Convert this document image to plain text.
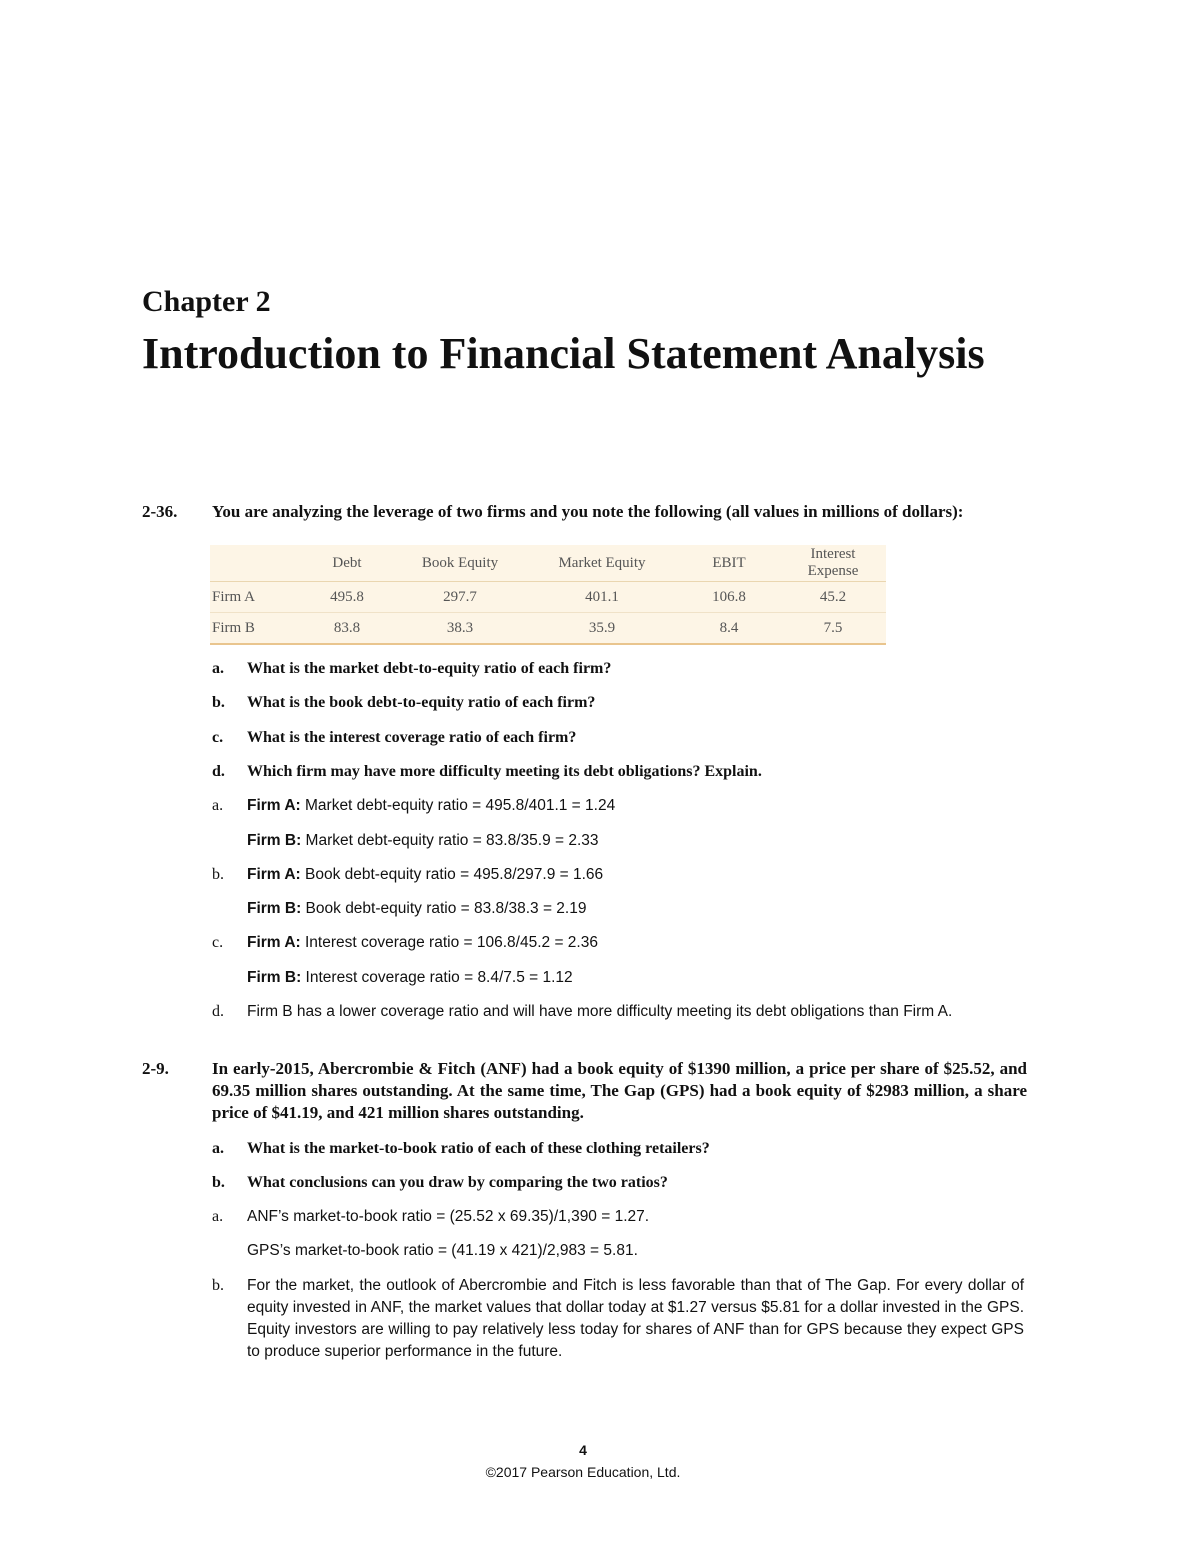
Chapter 2
Introduction to Financial Statement Analysis
2-36. You are analyzing the leverage of two firms and you note the following (all values in millions of dollars):
	Debt	Book Equity	Market Equity	EBIT	Interest Expense
Firm A	495.8	297.7	401.1	106.8	45.2
Firm B	83.8	38.3	35.9	8.4	7.5
a. What is the market debt-to-equity ratio of each firm?
b. What is the book debt-to-equity ratio of each firm?
c. What is the interest coverage ratio of each firm?
d. Which firm may have more difficulty meeting its debt obligations? Explain.
a. Firm A: Market debt-equity ratio = 495.8/401.1 = 1.24
Firm B: Market debt-equity ratio = 83.8/35.9 = 2.33
b. Firm A: Book debt-equity ratio = 495.8/297.9 = 1.66
Firm B: Book debt-equity ratio = 83.8/38.3 = 2.19
c. Firm A: Interest coverage ratio = 106.8/45.2 = 2.36
Firm B: Interest coverage ratio = 8.4/7.5 = 1.12
d. Firm B has a lower coverage ratio and will have more difficulty meeting its debt obligations than Firm A.
2-9.	In early-2015, Abercrombie & Fitch (ANF) had a book equity of $1390 million, a price per share of $25.52, and 69.35 million shares outstanding. At the same time, The Gap (GPS) had a book equity of $2983 million, a share price of $41.19, and 421 million shares outstanding.
a. What is the market-to-book ratio of each of these clothing retailers?
b. What conclusions can you draw by comparing the two ratios?
a. ANF’s market-to-book ratio = (25.52 x 69.35)/1,390 = 1.27.
GPS’s market-to-book ratio = (41.19 x 421)/2,983 = 5.81.
b. For the market, the outlook of Abercrombie and Fitch is less favorable than that of The Gap. For every dollar of equity invested in ANF, the market values that dollar today at $1.27 versus $5.81 for a dollar invested in the GPS. Equity investors are willing to pay relatively less today for shares of ANF than for GPS because they expect GPS to produce superior performance in the future.
4
©2017 Pearson Education, Ltd.
